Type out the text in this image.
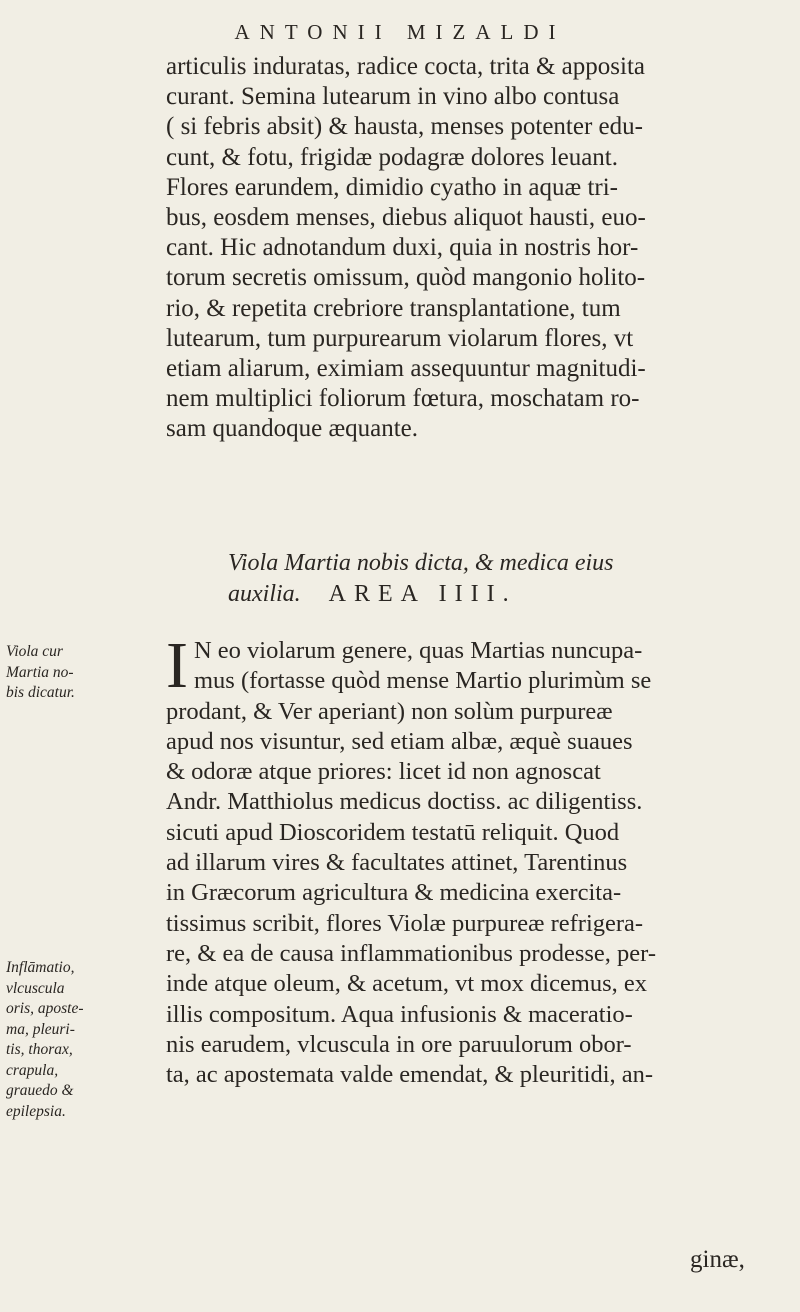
ANTONII MIZALDI
articulis induratas, radice cocta, trita & apposita
curant. Semina lutearum in vino albo contusa
( si febris absit) & hausta, menses potenter edu-
cunt, & fotu, frigidæ podagræ dolores leuant.
Flores earundem, dimidio cyatho in aquæ tri-
bus, eosdem menses, diebus aliquot hausti, euo-
cant. Hic adnotandum duxi, quia in nostris hor-
torum secretis omissum, quòd mangonio holito-
rio, & repetita crebriore transplantatione, tum
lutearum, tum purpurearum violarum flores, vt
etiam aliarum, eximiam assequuntur magnitudi-
nem multiplici foliorum fœtura, moschatam ro-
sam quandoque æquante.
Viola Martia nobis dicta, & medica eius
auxilia. AREA IIII.
I N eo violarum genere, quas Martias nuncupa-
mus (fortasse quòd mense Martio plurimùm se
prodant, & Ver aperiant) non solùm purpureæ
apud nos visuntur, sed etiam albæ, æquè suaues
& odoræ atque priores: licet id non agnoscat
Andr. Matthiolus medicus doctiss. ac diligentiss.
sicuti apud Dioscoridem testatū reliquit. Quod
ad illarum vires & facultates attinet, Tarentinus
in Græcorum agricultura & medicina exercita-
tissimus scribit, flores Violæ purpureæ refrigera-
re, & ea de causa inflammationibus prodesse, per-
inde atque oleum, & acetum, vt mox dicemus, ex
illis compositum. Aqua infusionis & maceratio-
nis earudem, vlcuscula in ore paruulorum obor-
ta, ac apostemata valde emendat, & pleuritidi, an-
Viola cur
Martia no-
bis dicatur.
Inflāmatio,
vlcuscula
oris, aposte-
ma, pleuri-
tis, thorax,
crapula,
grauedo &
epilepsia.
ginæ,
